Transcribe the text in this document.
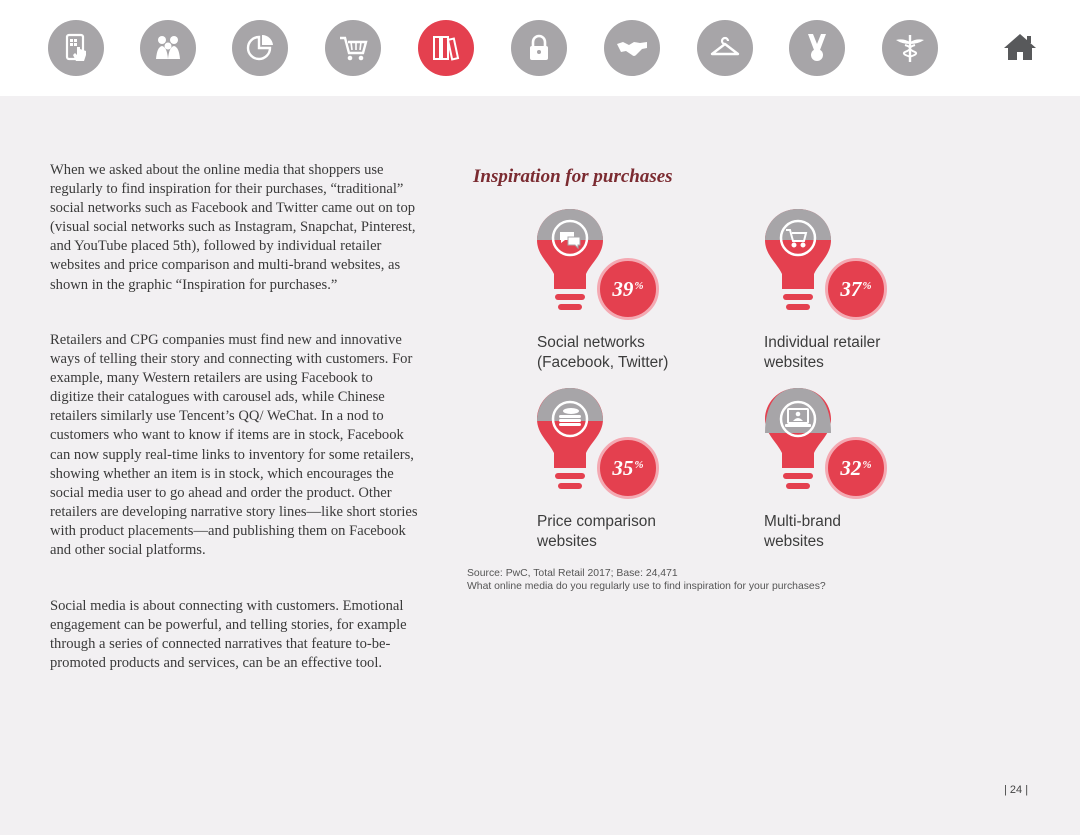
When we asked about the online media that shoppers use regularly to find inspiration for their purchases, “traditional” social networks such as Facebook and Twitter came out on top (visual social networks such as Instagram, Snapchat, Pinterest, and YouTube placed 5th), followed by individual retailer websites and price comparison and multi-brand websites, as shown in the graphic “Inspiration for purchases.”

Retailers and CPG companies must find new and innovative ways of telling their story and connecting with customers. For example, many Western retailers are using Facebook to digitize their catalogues with carousel ads, while Chinese retailers similarly use Tencent’s QQ/ WeChat. In a nod to customers who want to know if items are in stock, Facebook can now supply real-time links to inventory for some retailers, showing whether an item is in stock, which encourages the social media user to go ahead and order the product. Other retailers are developing narrative story lines—like short stories with product placements—and publishing them on Facebook and other social platforms.

Social media is about connecting with customers. Emotional engagement can be powerful, and telling stories, for example through a series of connected narratives that feature to-be-promoted products and services, can be an effective tool.

Inspiration for purchases
39 %
Social networks
(Facebook, Twitter)
37 %
Individual retailer
websites
35 %
Price comparison
websites
32 %
Multi-brand
websites
Source: PwC, Total Retail 2017; Base: 24,471
What online media do you regularly use to find inspiration for your purchases?
| 24 |
